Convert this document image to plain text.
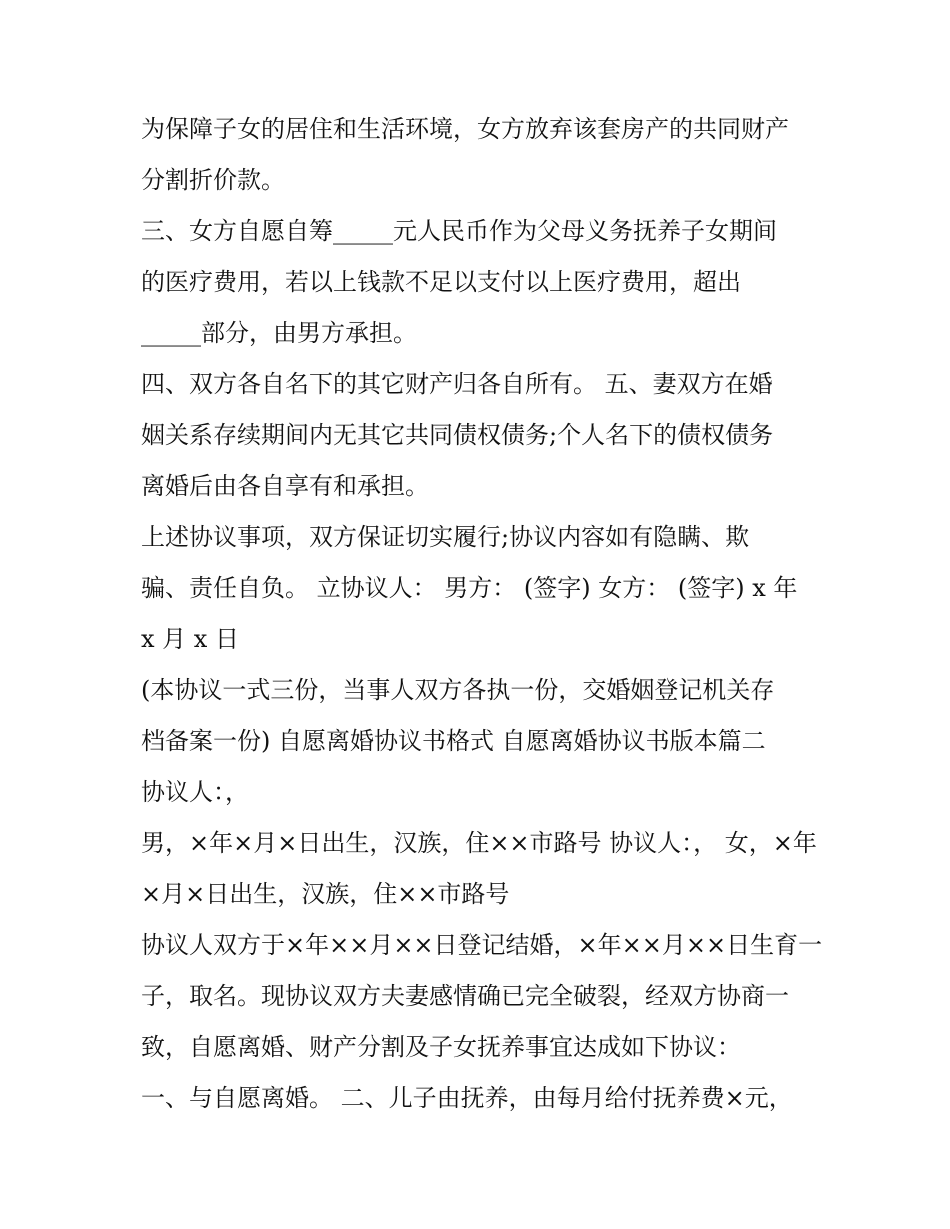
为保障子女的居住和生活环境，女方放弃该套房产的共同财产
分割折价款。
三、女方自愿自筹_____元人民币作为父母义务抚养子女期间
的医疗费用，若以上钱款不足以支付以上医疗费用，超出
_____部分，由男方承担。
四、双方各自名下的其它财产归各自所有。 五、妻双方在婚
姻关系存续期间内无其它共同债权债务;个人名下的债权债务
离婚后由各自享有和承担。
上述协议事项，双方保证切实履行;协议内容如有隐瞒、欺
骗、责任自负。 立协议人： 男方： (签字) 女方： (签字) x 年
x 月 x 日
(本协议一式三份，当事人双方各执一份，交婚姻登记机关存
档备案一份) 自愿离婚协议书格式 自愿离婚协议书版本篇二
协议人：，
男，×年×月×日出生，汉族，住××市路号 协议人：， 女，×年
×月×日出生，汉族，住××市路号
协议人双方于×年××月××日登记结婚，×年××月××日生育一
子，取名。现协议双方夫妻感情确已完全破裂，经双方协商一
致，自愿离婚、财产分割及子女抚养事宜达成如下协议：
一、与自愿离婚。 二、儿子由抚养，由每月给付抚养费×元，
